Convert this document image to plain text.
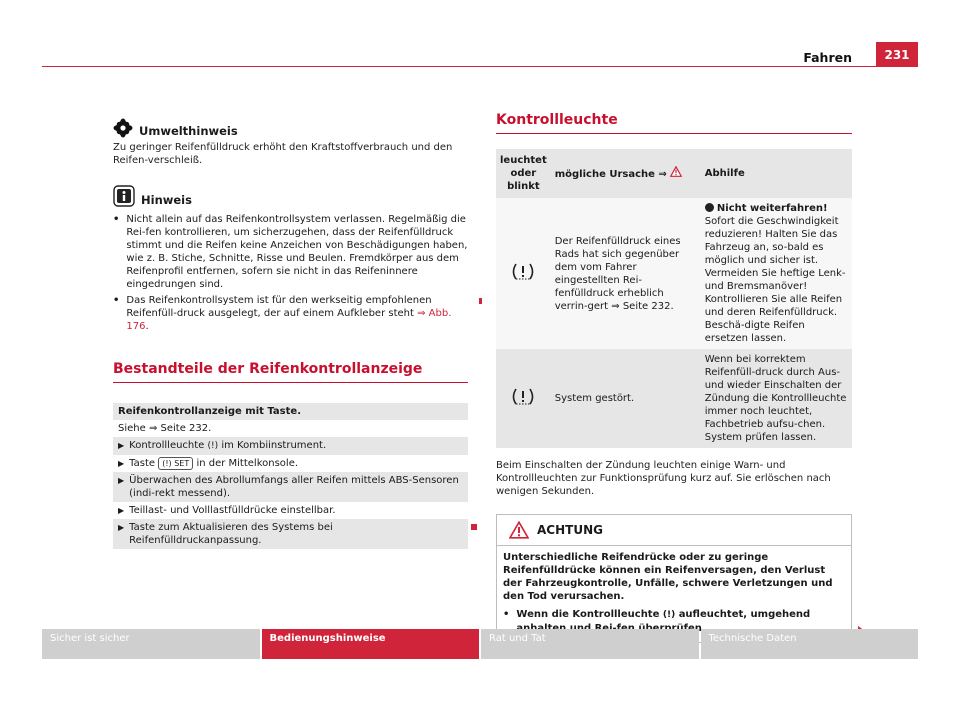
Fahren	231
Umwelthinweis

Zu geringer Reifenfülldruck erhöht den Kraftstoffverbrauch und den Reifen-verschleiß.

Hinweis
• Nicht allein auf das Reifenkontrollsystem verlassen. Regelmäßig die Rei-fen kontrollieren, um sicherzugehen, dass der Reifenfülldruck stimmt und die Reifen keine Anzeichen von Beschädigungen haben, wie z. B. Stiche, Schnitte, Risse und Beulen. Fremdkörper aus dem Reifenprofil entfernen, sofern sie nicht in das Reifeninnere eingedrungen sind.
• Das Reifenkontrollsystem ist für den werkseitig empfohlenen Reifenfüll-druck ausgelegt, der auf einem Aufkleber steht ⇒ Abb. 176.
Bestandteile der Reifenkontrollanzeige
Reifenkontrollanzeige mit Taste.
Siehe ⇒ Seite 232.
▶ Kontrollleuchte (!) im Kombiinstrument.
▶ Taste (!) SET in der Mittelkonsole.
▶ Überwachen des Abrollumfangs aller Reifen mittels ABS-Sensoren (indi-rekt messend).
▶ Teillast- und Volllastfülldrücke einstellbar.
▶ Taste zum Aktualisieren des Systems bei Reifenfülldruckanpassung.
Kontrollleuchte
leuchtet oder blinkt	mögliche Ursache ⇒	Abhilfe
	Der Reifenfülldruck eines Rads hat sich gegenüber dem vom Fahrer eingestellten Rei-fenfülldruck erheblich verrin-gert ⇒ Seite 232.	Nicht weiterfahren! Sofort die Geschwindigkeit reduzieren! Halten Sie das Fahrzeug an, so-bald es möglich und sicher ist. Vermeiden Sie heftige Lenk- und Bremsmanöver! Kontrollieren Sie alle Reifen und deren Reifenfülldruck. Beschä-digte Reifen ersetzen lassen.
	System gestört.	Wenn bei korrektem Reifenfüll-druck durch Aus- und wieder Einschalten der Zündung die Kontrollleuchte immer noch leuchtet, Fachbetrieb aufsu-chen. System prüfen lassen.

Beim Einschalten der Zündung leuchten einige Warn- und Kontrollleuchten zur Funktionsprüfung kurz auf. Sie erlöschen nach wenigen Sekunden.

ACHTUNG

Unterschiedliche Reifendrücke oder zu geringe Reifenfülldrücke können ein Reifenversagen, den Verlust der Fahrzeugkontrolle, Unfälle, schwere Verletzungen und den Tod verursachen.

• Wenn die Kontrollleuchte (!) aufleuchtet, umgehend
Sicher ist sicher	Bedienungshinweise	Rat und Tat	Technische Daten
